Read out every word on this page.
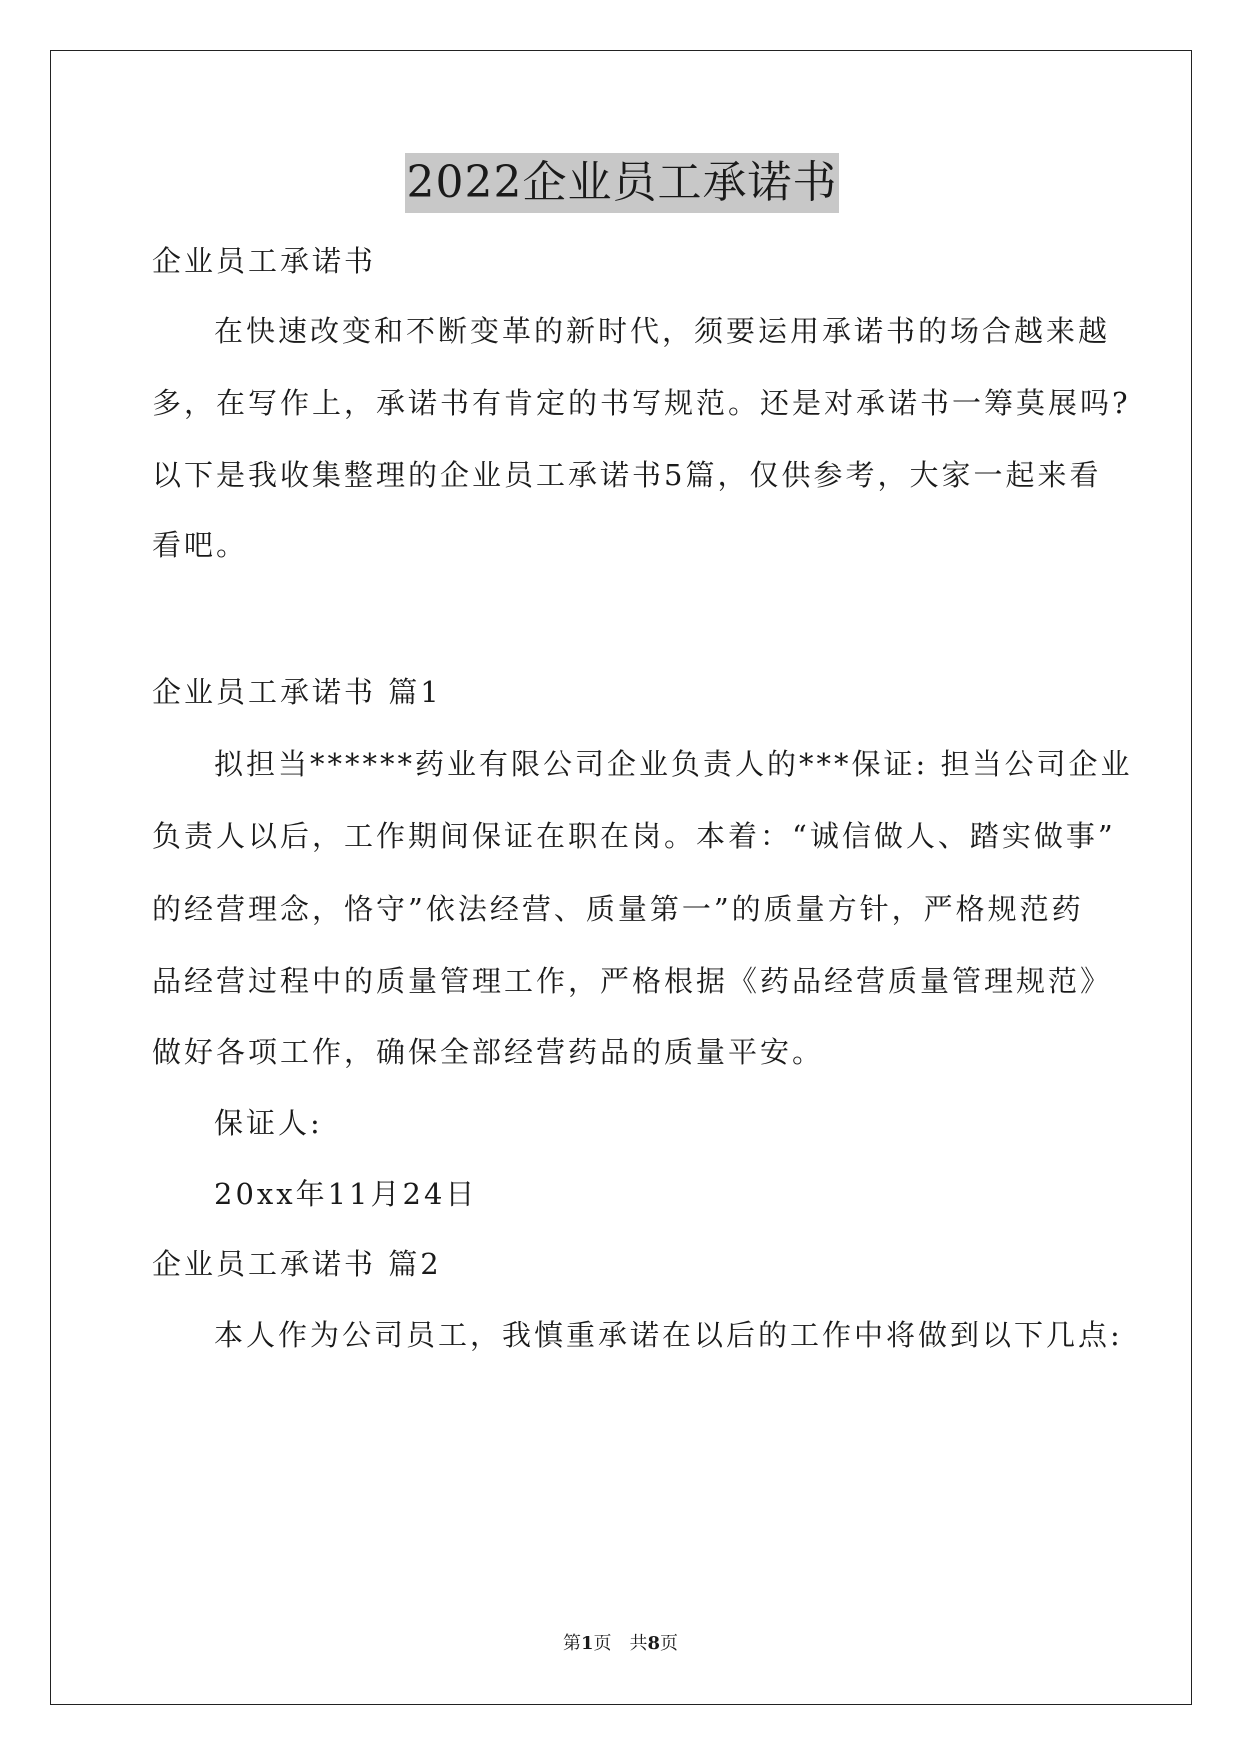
2022企业员工承诺书
企业员工承诺书
在快速改变和不断变革的新时代，须要运用承诺书的场合越来越
多，在写作上，承诺书有肯定的书写规范。还是对承诺书一筹莫展吗?
以下是我收集整理的企业员工承诺书5篇，仅供参考，大家一起来看
看吧。
企业员工承诺书 篇1
拟担当******药业有限公司企业负责人的***保证: 担当公司企业
负责人以后，工作期间保证在职在岗。本着：“诚信做人、踏实做事”
的经营理念，恪守”依法经营、质量第一”的质量方针，严格规范药
品经营过程中的质量管理工作，严格根据《药品经营质量管理规范》
做好各项工作，确保全部经营药品的质量平安。
保证人:
20xx年11月24日
企业员工承诺书 篇2
本人作为公司员工，我慎重承诺在以后的工作中将做到以下几点:
第1页　共8页
